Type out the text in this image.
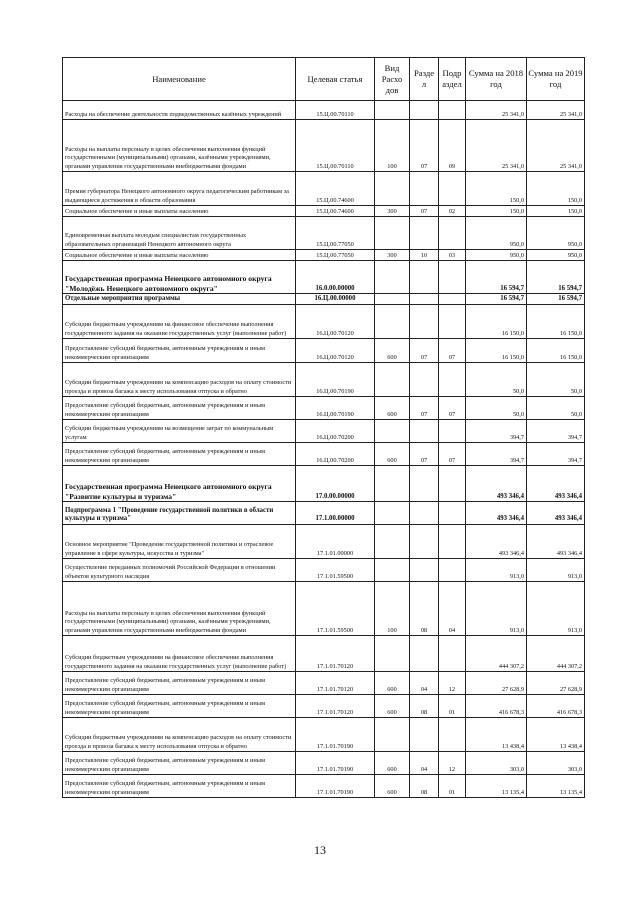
Наименование	Целевая статья	Вид Расхо дов	Разде л	Подр аздел	Сумма на 2018 год	Сумма на 2019 год
Расходы на обеспечение деятельности подведомственных казённых учреждений	15.Ц.00.70110				25 341,0	25 341,0
Расходы на выплаты персоналу в целях обеспечения выполнения функций государственными (муниципальными) органами, казёнными учреждениями, органами управления государственными внебюджетными фондами	15.Ц.00.70110	100	07	09	25 341,0	25 341,0
Премия губернатора Ненецкого автономного округа педагогическим работникам за выдающиеся достижения в области образования	15.Ц.00.74600				150,0	150,0
Социальное обеспечение и иные выплаты населению	15.Ц.00.74600	300	07	02	150,0	150,0
Единовременная выплата молодым специалистам государственных образовательных организаций Ненецкого автономного округа	15.Ц.00.77050				950,0	950,0
Социальное обеспечение и иные выплаты населению	15.Ц.00.77050	300	10	03	950,0	950,0
Государственная программа Ненецкого автономного округа "Молодёжь Ненецкого автономного округа"	16.0.00.00000				16 594,7	16 594,7
Отдельные мероприятия программы	16.Ц.00.00000				16 594,7	16 594,7
Субсидии бюджетным учреждениям на финансовое обеспечение выполнения государственного задания на оказание государственных услуг (выполнение работ)	16.Ц.00.70120				16 150,0	16 150,0
Предоставление субсидий бюджетным, автономным учреждениям и иным некоммерческим организациям	16.Ц.00.70120	600	07	07	16 150,0	16 150,0
Субсидии бюджетным учреждениям на компенсацию расходов на оплату стоимости проезда и провоза багажа к месту использования отпуска и обратно	16.Ц.00.70190				50,0	50,0
Предоставление субсидий бюджетным, автономным учреждениям и иным некоммерческим организациям	16.Ц.00.70190	600	07	07	50,0	50,0
Субсидии бюджетным учреждениям на возмещение затрат по коммунальным услугам	16.Ц.00.70200				394,7	394,7
Предоставление субсидий бюджетным, автономным учреждениям и иным некоммерческим организациям	16.Ц.00.70200	600	07	07	394,7	394,7
Государственная программа Ненецкого автономного округа "Развитие культуры и туризма"	17.0.00.00000				493 346,4	493 346,4
Подпрограмма 1 "Проведение государственной политики в области культуры и туризма"	17.1.00.00000				493 346,4	493 346,4
Основное мероприятие "Проведение государственной политики и отраслевое управление в сфере культуры, искусства и туризма"	17.1.01.00000				493 346,4	493 346,4
Осуществление переданных полномочий Российской Федерации в отношении объектов культурного наследия	17.1.01.59500				913,0	913,0
Расходы на выплаты персоналу в целях обеспечения выполнения функций государственными (муниципальными) органами, казёнными учреждениями, органами управления государственными внебюджетными фондами	17.1.01.59500	100	08	04	913,0	913,0
Субсидии бюджетным учреждениям на финансовое обеспечение выполнения государственного задания на оказание государственных услуг (выполнение работ)	17.1.01.70120				444 307,2	444 307,2
Предоставление субсидий бюджетным, автономным учреждениям и иным некоммерческим организациям	17.1.01.70120	600	04	12	27 628,9	27 628,9
Предоставление субсидий бюджетным, автономным учреждениям и иным некоммерческим организациям	17.1.01.70120	600	08	01	416 678,3	416 678,3
Субсидии бюджетным учреждениям на компенсацию расходов на оплату стоимости проезда и провоза багажа к месту использования отпуска и обратно	17.1.01.70190				13 438,4	13 438,4
Предоставление субсидий бюджетным, автономным учреждениям и иным некоммерческим организациям	17.1.01.70190	600	04	12	303,0	303,0
Предоставление субсидий бюджетным, автономным учреждениям и иным некоммерческим организациям	17.1.01.70190	600	08	01	13 135,4	13 135,4
13
